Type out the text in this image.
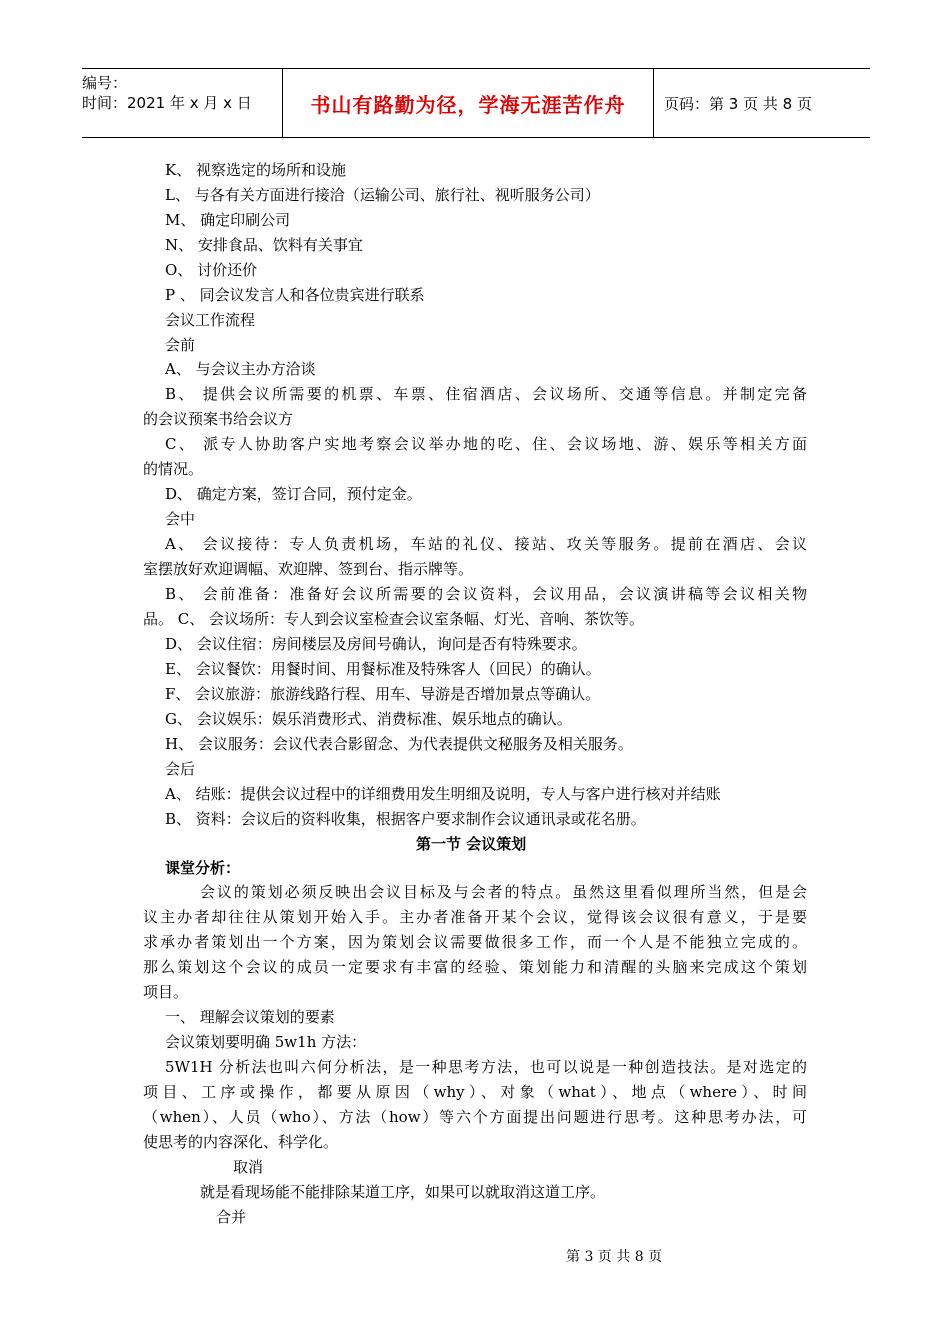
编号：
时间：2021 年 x 月 x 日	书山有路勤为径，学海无涯苦作舟	页码：第 3 页 共 8 页
K、 视察选定的场所和设施
L、 与各有关方面进行接洽（运输公司、旅行社、视听服务公司）
M、 确定印刷公司
N、 安排食品、饮料有关事宜
O、 讨价还价
P 、 同会议发言人和各位贵宾进行联系
会议工作流程
会前
A、 与会议主办方洽谈
B、 提供会议所需要的机票、车票、住宿酒店、会议场所、交通等信息。并制定完备
的会议预案书给会议方
C、 派专人协助客户实地考察会议举办地的吃、住、会议场地、游、娱乐等相关方面
的情况。
D、 确定方案，签订合同，预付定金。
会中
A、 会议接待：专人负责机场，车站的礼仪、接站、攻关等服务。提前在酒店、会议
室摆放好欢迎调幅、欢迎牌、签到台、指示牌等。
B、 会前准备：准备好会议所需要的会议资料，会议用品，会议演讲稿等会议相关物
品。 C、 会议场所：专人到会议室检查会议室条幅、灯光、音响、茶饮等。
D、 会议住宿：房间楼层及房间号确认，询问是否有特殊要求。
E、 会议餐饮：用餐时间、用餐标准及特殊客人（回民）的确认。
F、 会议旅游：旅游线路行程、用车、导游是否增加景点等确认。
G、 会议娱乐：娱乐消费形式、消费标准、娱乐地点的确认。
H、 会议服务：会议代表合影留念、为代表提供文秘服务及相关服务。
会后
A、 结账：提供会议过程中的详细费用发生明细及说明，专人与客户进行核对并结账
B、 资料：会议后的资料收集，根据客户要求制作会议通讯录或花名册。
第一节 会议策划
课堂分析：
会议的策划必须反映出会议目标及与会者的特点。虽然这里看似理所当然，但是会
议主办者却往往从策划开始入手。主办者准备开某个会议，觉得该会议很有意义，于是要
求承办者策划出一个方案，因为策划会议需要做很多工作，而一个人是不能独立完成的。
那么策划这个会议的成员一定要求有丰富的经验、策划能力和清醒的头脑来完成这个策划
项目。
一、 理解会议策划的要素
会议策划要明确 5w1h 方法：
5W1H 分析法也叫六何分析法，是一种思考方法，也可以说是一种创造技法。是对选定的
项目、工序或操作，都要从原因（why）、对象（what）、地点（where）、时间
（when）、人员（who）、方法（how）等六个方面提出问题进行思考。这种思考办法，可
使思考的内容深化、科学化。
取消
就是看现场能不能排除某道工序，如果可以就取消这道工序。
合并
第 3 页 共 8 页
